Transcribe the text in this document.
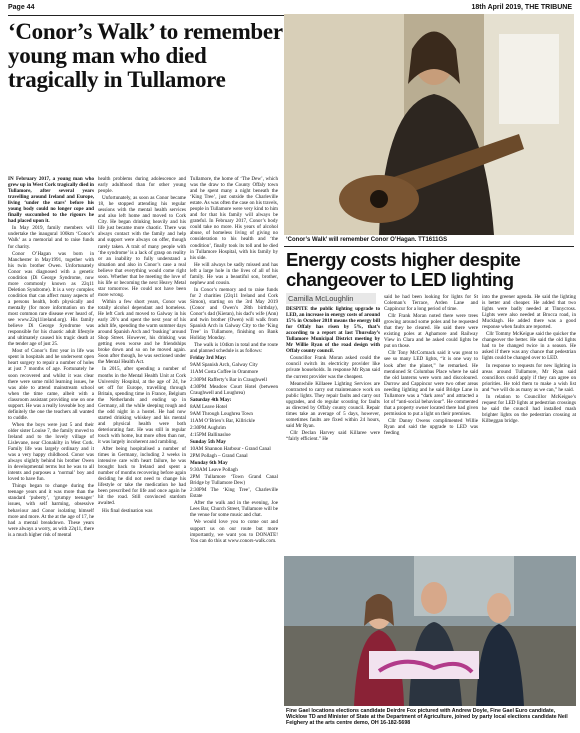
Page 44	18th April 2019, THE TRIBUNE
‘Conor’s Walk’ to remember young man who died tragically in Tullamore

IN February 2017, a young man who grew up in West Cork tragically died in Tullamore, after several years travelling around Ireland and Europe, living ‘under the stars’ before his young body could no longer cope and finally succumbed to the rigours he had placed upon it.

In May 2019, family members will undertake the inaugural 100km ‘Conor’s Walk’ as a memorial and to raise funds for charity.

Conor O’Hagan was born in Manchester in May1991, together with his twin brother Owen. Unfortunately Conor was diagnosed with a genetic condition (Di George Syndrome, now more commonly known as 22q11 Deletion Syndrome). It is a very complex condition that can affect many aspects of a persons health, both physically and mentally (for more information on the most common rare disease ever heard of, see www.22q11ireland.org). His family believe Di George Syndrome was responsible for his chaotic adult lifestyle and ultimately caused his tragic death at the tender age of just 25.

Most of Conor’s first year in life was spent in hospitals and he underwent open heart surgery to repair a number of holes at just 7 months of age. Fortunately he soon recovered and whilst it was clear there were some mild learning issues, he was able to attend mainstream school when the time came, albeit with a classroom assistant providing one on one support. He was a really loveable boy and definitely the one the teachers all wanted to cuddle.

When the boys were just 5 and their older sister Louise 7, the family moved to Ireland and to the lovely village of Lislevane, near Clonakilty in West Cork. Family life was largely ordinary and it was a very happy childhood. Conor was always slightly behind his brother Owen in developmental terms but he was to all intents and purposes a ‘normal’ boy and loved to have fun.

Things began to change during the teenage years and it was more than the standard ‘puberty’, ‘grumpy teenager’ issues, with self harming, obsessive behaviour and Conor isolating himself more and more. At the at the age of 17, he had a mental breakdown. These years were always a worry, as with 22q11, there is a much higher risk of mental

health problems during adolescence and early adulthood than for other young people.

Unfortunately, as soon as Conor became 18, he stopped attending his regular sessions with the mental health services and also left home and moved to Cork City. He began drinking heavily and his life just became more chaotic. There was always contact with the family and help and support were always on offer, though rarely taken. A trait of many people with ‘the syndrome’ is a lack of grasp on reality or an inability to fully understand a situation and also in Conor’s case a real believe that everything would come right soon. Whether that be meeting the love of his life or becoming the next Heavy Metal star tomorrow. He could not have been more wrong.

Within a few short years, Conor was totally alcohol dependant and homeless. He left Cork and moved to Galway in his early 20’s and spent the next year of his adult life, spending the warm summer days around Spanish Arch and ‘busking’ around Shop Street. However, his drinking was getting even worse and he friendships broke down and so on he moved again. Soon after though, he was sectioned under the Mental Health Act.

In 2015, after spending a number of months in the Mental Health Unit at Cork University Hospital, at the age of 24, he set off for Europe, travelling through Britain, spending time in France, Belgium the Netherlands and ending up in Germany, all the while sleeping rough and the odd night in a hostel. He had now started drinking whiskey and his mental and physical health were both deteriorating fast. He was still in regular touch with home, but more often than not, it was largely incoherent and rambling.

After being hospitalised a number of times in Germany, including 2 weeks in intensive care with heart failure, he was brought back to Ireland and spent a number of months recovering before again deciding he did not need to change his lifestyle or take the medication he had been prescribed for life and once again he hit the road. Still convinced stardom awaited.

His final destination was

Tullamore, the home of ‘The Dew’, which was the draw to the County Offaly town and he spent many a night beneath the ‘King Tree’, just outside the Charleville estate. As was often the case on his travels, people in Tullamore were very kind to him and for that his family will always be grateful. In February 2017, Conor’s body could take no more. His years of alcohol abuse, of homeless living of giving no consideration to his health and ‘the condition’, finally took its toll and he died in Tullamore Hospital, with his family by his side.

He will always be sadly missed and has left a large hole in the lives of all of his family. He was a beautiful son, brother, nephew and cousin.

In Conor’s memory and to raise funds for 2 charities (22q11 Ireland and Cork Simon), starting on the 3rd May 2019 (Conor and Owen’s 28th birthday), Conor’s dad (Kieran), his dad’s wife (Ann) and twin brother (Owen) will walk from Spanish Arch in Galway City to the ‘King Tree’ in Tullamore, finishing on Bank Holiday Monday.

The walk is 104km in total and the route and planned schedule is as follows:

Friday 3rd May:

9AM Spanish Arch, Galway City

11AM Costa Coffee in Oranmore

2:30PM Rafferty’s Bar in Craughwell

4:30PM Meadow Court Hotel (between Craughwell and Loughrea)

Saturday 4th May:

8AM Leave Hotel

9AM Through Loughrea Town

11AM O’Brien’s Bar, Killrickle

2:30PM Aughrim

4:15PM Ballinasloe

Sunday 5th May

10AM Shannon Harbour - Grand Canal

2PM Pollagh – Grand Canal

Monday 6th May

9:30AM Leave Pollagh

2PM Tullamore ‘Town Grand Canal Bridge by Tullamore Dew)

2:30PM The ‘King Tree’, Charleville Estate

After the walk and in the evening, Joe Lees Bar, Church Street, Tullamore will be the venue for some music and chat.

We would love you to come out and support us on our route but more importantly, we want you to DONATE! You can do this at www.conors-walk.com.

‘Conor’s Walk’ will remember Conor O’Hagan. TT1611GS
Energy costs higher despite changeover to LED lighting
Camilla McLoughlin

DESPITE the public lighting upgrade to LED, an increase in energy costs of around 15% in October 2018 means the energy bill for Offaly has risen by 5%, that’s according to a report at last Thursday’s Tullamore Municipal District meeting by Mr Willie Ryan of the road design with Offaly county council.

Councillor Frank Moran asked could the council switch its electricity provider like private households. In response Mr Ryan said the current provider was the cheapest.

Meanwhile Killaeee Lighting Services are contracted to carry out maintenance work on public lights. They repair faults and carry out upgrades, and do regular scouting for faults as directed by Offaly county council. Repair times take an average of 5 days, however, sometimes faults are fixed within 24 hours, said Mr Ryan.

Cllr Declan Harvey said Killaree were “fairly efficient.” He

said he had been looking for lights for St Coleman’s Terrace, Arden Lane and Cappincur for a long period of time.

Cllr Frank Moran noted there were trees growing around some poles and he requested that they be cleared. He said there were existing poles at Aghamore and Railway View in Clara and he asked could lights be put on those.

Cllr Tony McCormack said it was great to see so many LED lights, “it is one way to look after the planet,” he remarked. He mentioned St Columbas Place where he said the old lanterns were worn and discoloured. Durrow and Cappincur were two other areas needing lighting and he said Bridge Lane in Tullamore was a “dark area” and attracted a lot of “anti-social behaviour”. He commented that a property owner located there had given permission to put a light on their premises.

Cllr Danny Owens complimented Willie Ryan and said the upgrade to LED was feeding

into the greener agenda. He said the lighting is better and cheaper. He added that two lights were badly needed at Tinnycross. Lights were also needed at Brocca road, in Mucklagh. He added there was a good response when faults are reported.

Cllr Tommy McKeigue said the quicker the changeover the better. He said the old lights had to be changed twice in a season. He asked if there was any chance that pedestrian lights could be changed over to LED.

In response to requests for new lighting in areas around Tullamore, Mr Ryan said councillors could apply if they can agree on priorities. He told them to make a wish list and “we will do as many as we can,” he said.

In relation to Councillor McKeigue’s request for LED lights at pedestrian crossings he said the council had installed mash brighter lights on the pedestrian crossing at Kilbeggan bridge.

Fine Gael locations elections candidate Deirdre Fox pictured with Andrew Doyle, Fine Gael Euro candidate, Wicklow TD and Minister of State at the Department of Agriculture, joined by party local elections candidate Neil Feighery at the arts centre demo, OH 16-182-5698
